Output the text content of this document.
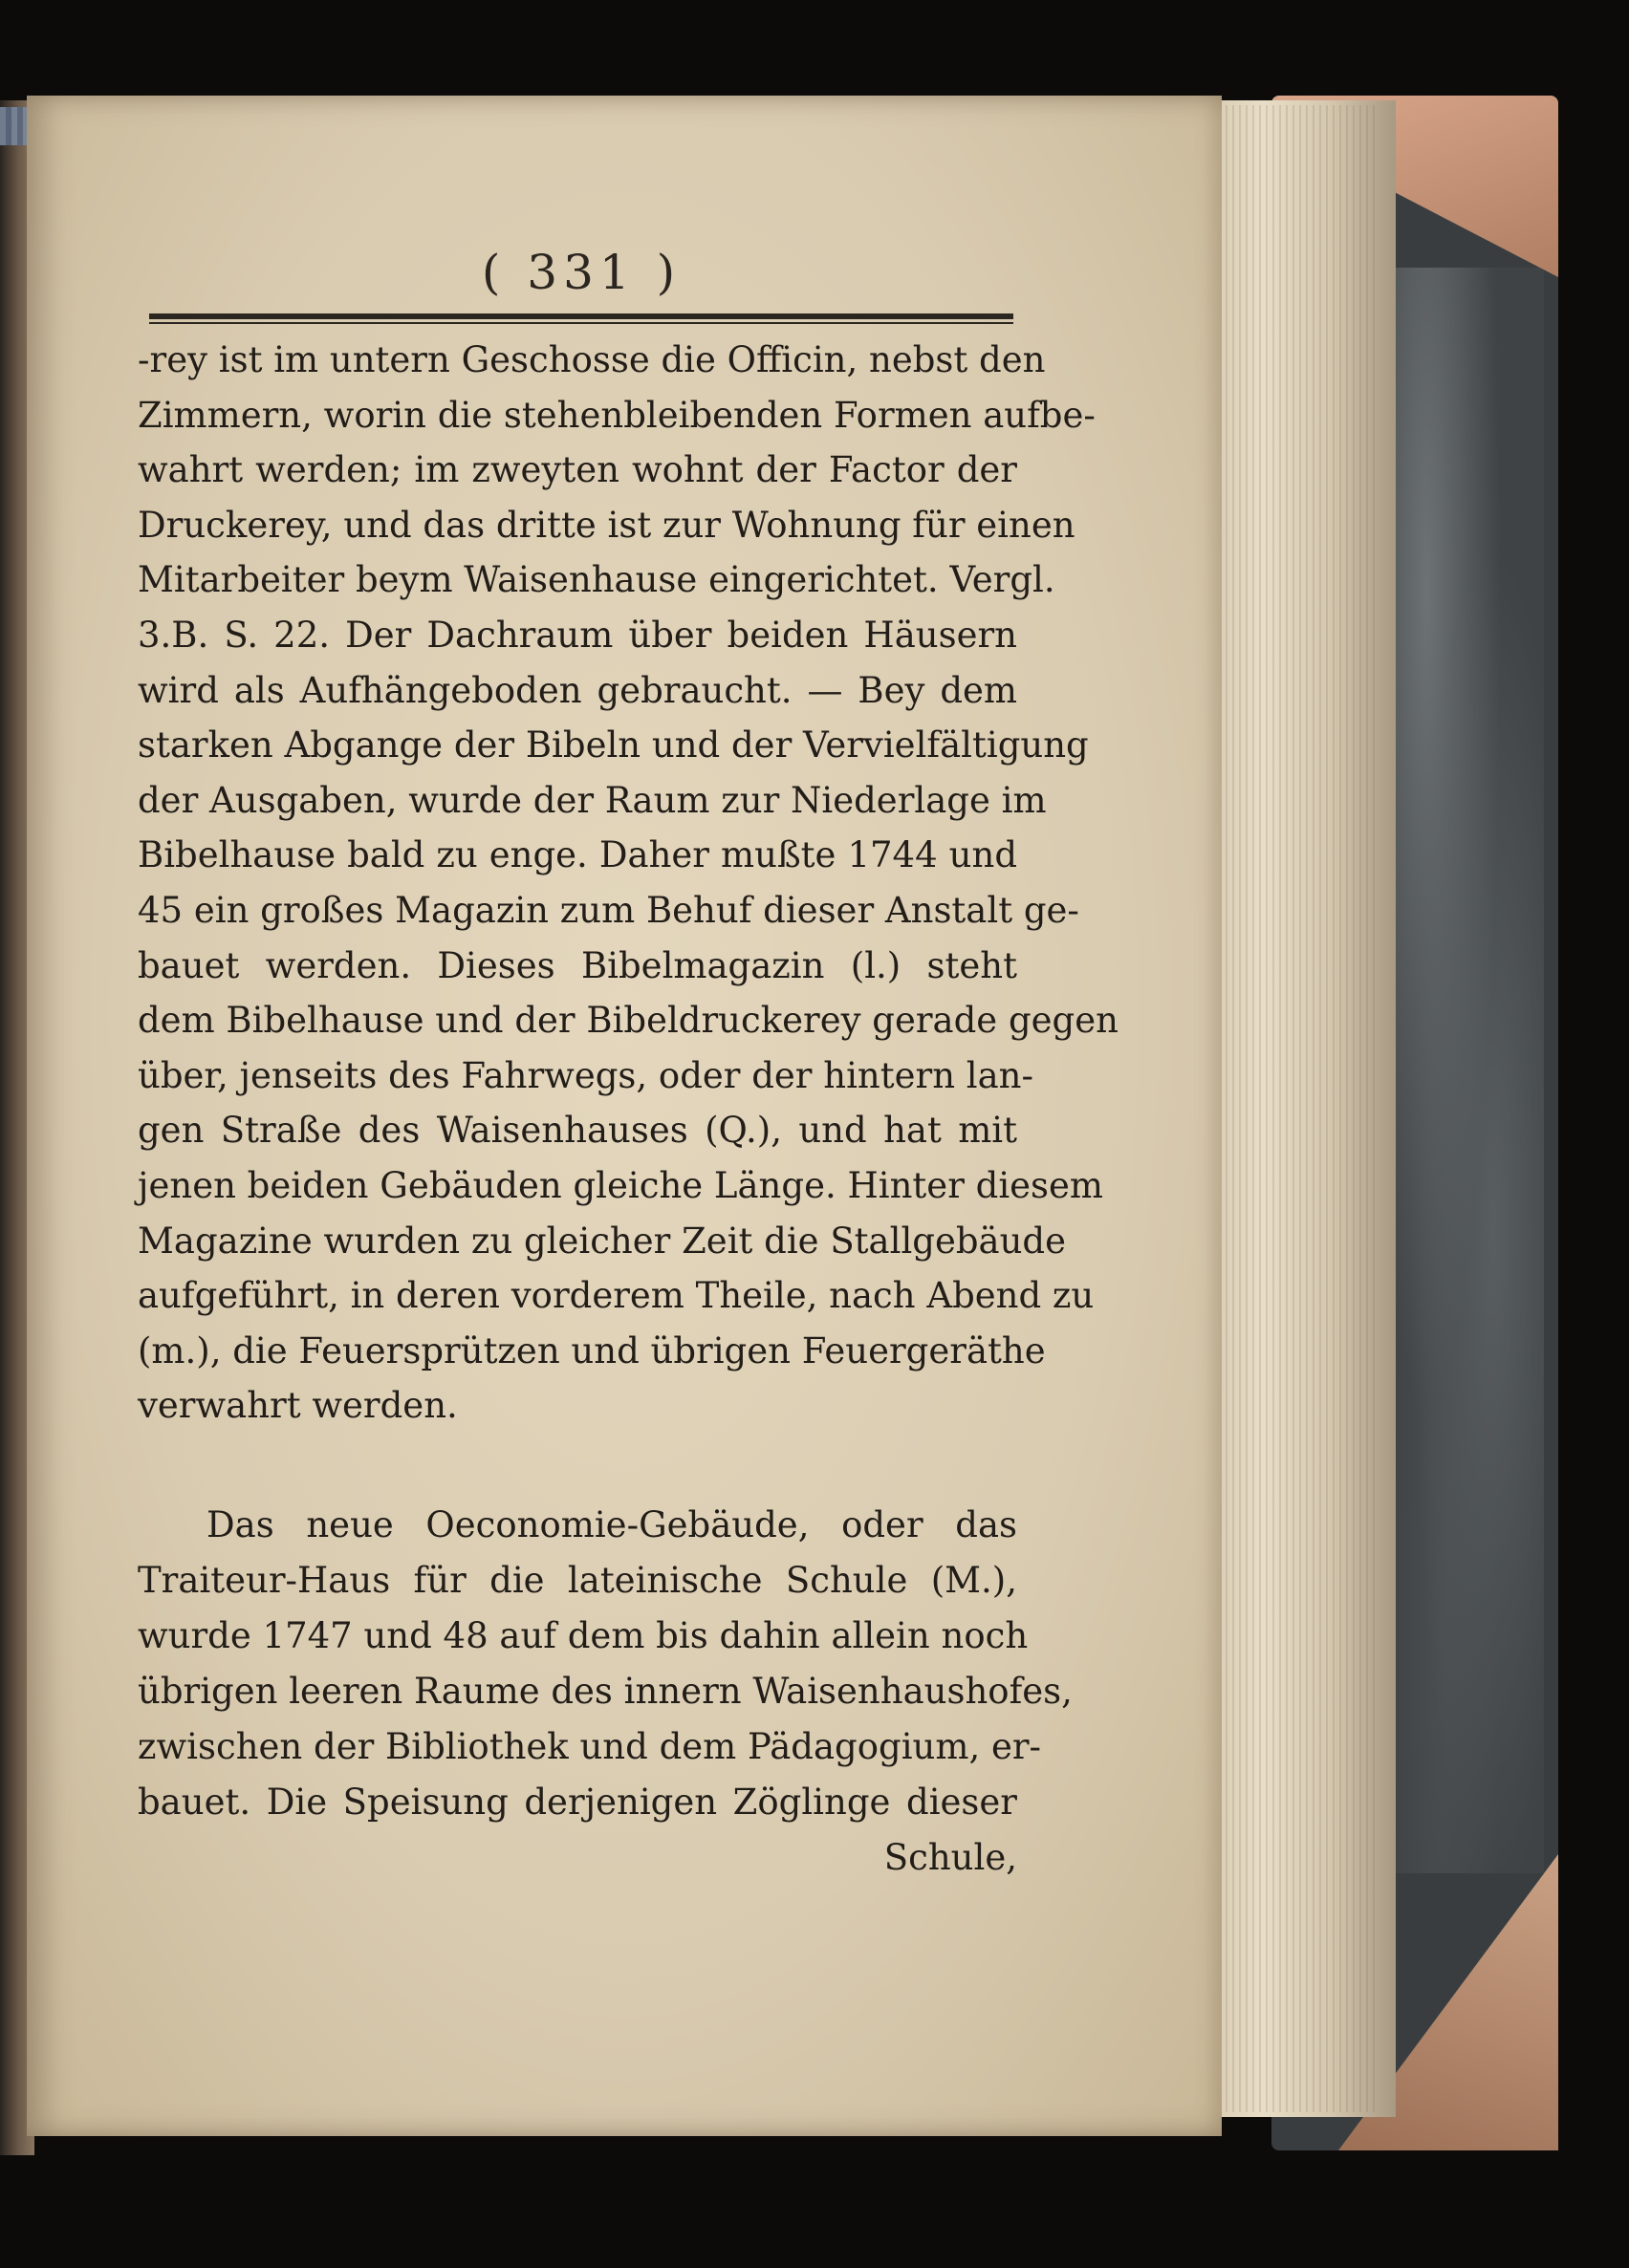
( 331 )
-rey ist im untern Geschosse die Officin, nebst den
Zimmern, worin die stehenbleibenden Formen aufbe-
wahrt werden; im zweyten wohnt der Factor der
Druckerey, und das dritte ist zur Wohnung für einen
Mitarbeiter beym Waisenhause eingerichtet. Vergl.
3.B. S. 22. Der Dachraum über beiden Häusern
wird als Aufhängeboden gebraucht. — Bey dem
starken Abgange der Bibeln und der Vervielfältigung
der Ausgaben, wurde der Raum zur Niederlage im
Bibelhause bald zu enge. Daher mußte 1744 und
45 ein großes Magazin zum Behuf dieser Anstalt ge-
bauet werden. Dieses Bibelmagazin (l.) steht
dem Bibelhause und der Bibeldruckerey gerade gegen
über, jenseits des Fahrwegs, oder der hintern lan-
gen Straße des Waisenhauses (Q.), und hat mit
jenen beiden Gebäuden gleiche Länge. Hinter diesem
Magazine wurden zu gleicher Zeit die Stallgebäude
aufgeführt, in deren vorderem Theile, nach Abend zu
(m.), die Feuersprützen und übrigen Feuergeräthe
verwahrt werden.
Das neue Oeconomie-Gebäude, oder das
Traiteur-Haus für die lateinische Schule (M.),
wurde 1747 und 48 auf dem bis dahin allein noch
übrigen leeren Raume des innern Waisenhaushofes,
zwischen der Bibliothek und dem Pädagogium, er-
bauet. Die Speisung derjenigen Zöglinge dieser
Schule,
